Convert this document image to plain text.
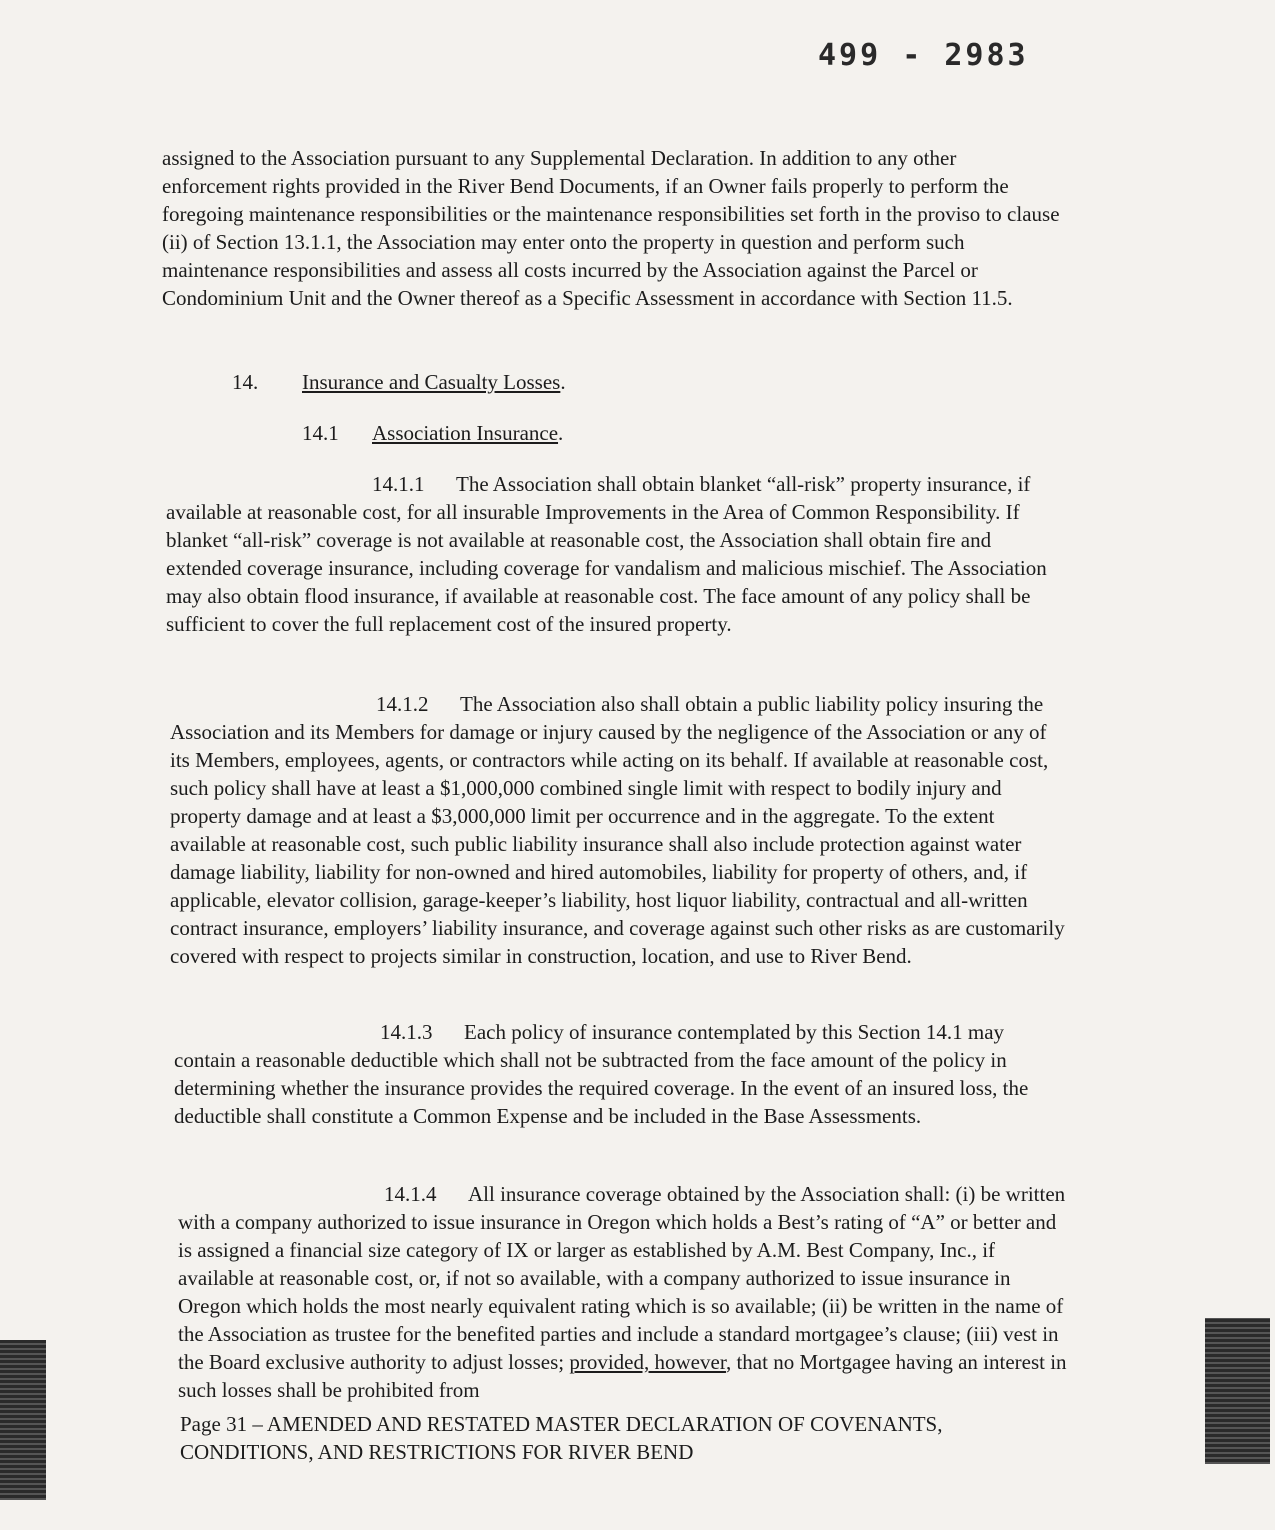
499 - 2983

assigned to the Association pursuant to any Supplemental Declaration. In addition to any other enforcement rights provided in the River Bend Documents, if an Owner fails properly to perform the foregoing maintenance responsibilities or the maintenance responsibilities set forth in the proviso to clause (ii) of Section 13.1.1, the Association may enter onto the property in question and perform such maintenance responsibilities and assess all costs incurred by the Association against the Parcel or Condominium Unit and the Owner thereof as a Specific Assessment in accordance with Section 11.5.

14. Insurance and Casualty Losses.
14.1 Association Insurance.

14.1.1 The Association shall obtain blanket “all-risk” property insurance, if available at reasonable cost, for all insurable Improvements in the Area of Common Responsibility. If blanket “all-risk” coverage is not available at reasonable cost, the Association shall obtain fire and extended coverage insurance, including coverage for vandalism and malicious mischief. The Association may also obtain flood insurance, if available at reasonable cost. The face amount of any policy shall be sufficient to cover the full replacement cost of the insured property.

14.1.2 The Association also shall obtain a public liability policy insuring the Association and its Members for damage or injury caused by the negligence of the Association or any of its Members, employees, agents, or contractors while acting on its behalf. If available at reasonable cost, such policy shall have at least a $1,000,000 combined single limit with respect to bodily injury and property damage and at least a $3,000,000 limit per occurrence and in the aggregate. To the extent available at reasonable cost, such public liability insurance shall also include protection against water damage liability, liability for non-owned and hired automobiles, liability for property of others, and, if applicable, elevator collision, garage-keeper’s liability, host liquor liability, contractual and all-written contract insurance, employers’ liability insurance, and coverage against such other risks as are customarily covered with respect to projects similar in construction, location, and use to River Bend.

14.1.3 Each policy of insurance contemplated by this Section 14.1 may contain a reasonable deductible which shall not be subtracted from the face amount of the policy in determining whether the insurance provides the required coverage. In the event of an insured loss, the deductible shall constitute a Common Expense and be included in the Base Assessments.

14.1.4 All insurance coverage obtained by the Association shall: (i) be written with a company authorized to issue insurance in Oregon which holds a Best’s rating of “A” or better and is assigned a financial size category of IX or larger as established by A.M. Best Company, Inc., if available at reasonable cost, or, if not so available, with a company authorized to issue insurance in Oregon which holds the most nearly equivalent rating which is so available; (ii) be written in the name of the Association as trustee for the benefited parties and include a standard mortgagee’s clause; (iii) vest in the Board exclusive authority to adjust losses; provided, however, that no Mortgagee having an interest in such losses shall be prohibited from

Page 31 – AMENDED AND RESTATED MASTER DECLARATION OF COVENANTS,
CONDITIONS, AND RESTRICTIONS FOR RIVER BEND
